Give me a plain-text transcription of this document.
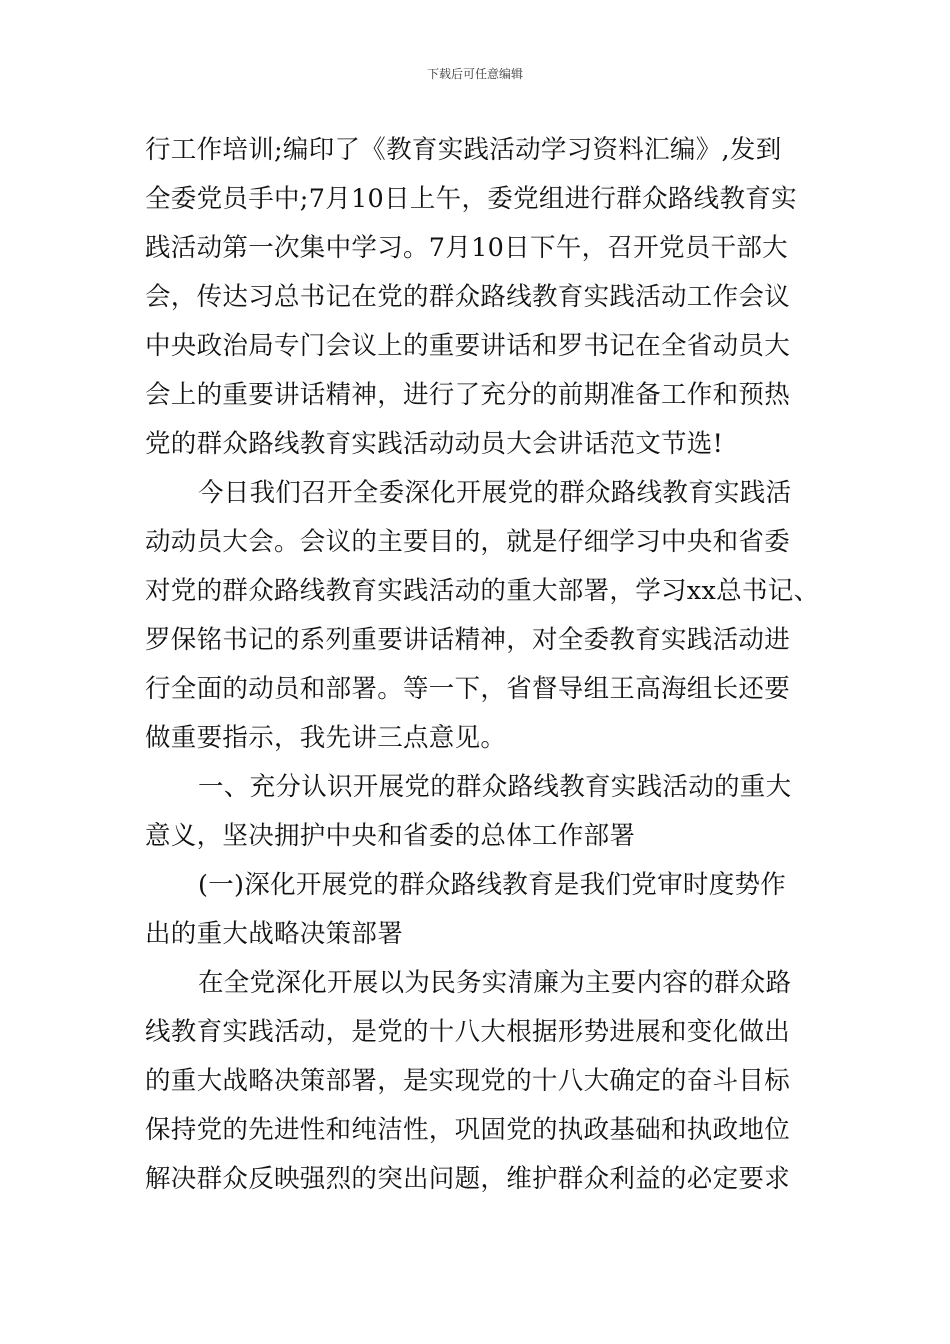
下载后可任意编辑
行工作培训;编印了《教育实践活动学习资料汇编》,发到
全委党员手中;7月10日上午，委党组进行群众路线教育实
践活动第一次集中学习。7月10日下午，召开党员干部大
会，传达习总书记在党的群众路线教育实践活动工作会议
中央政治局专门会议上的重要讲话和罗书记在全省动员大
会上的重要讲话精神，进行了充分的前期准备工作和预热
党的群众路线教育实践活动动员大会讲话范文节选!
今日我们召开全委深化开展党的群众路线教育实践活
动动员大会。会议的主要目的，就是仔细学习中央和省委
对党的群众路线教育实践活动的重大部署，学习xx总书记、
罗保铭书记的系列重要讲话精神，对全委教育实践活动进
行全面的动员和部署。等一下，省督导组王高海组长还要
做重要指示，我先讲三点意见。
一、充分认识开展党的群众路线教育实践活动的重大
意义，坚决拥护中央和省委的总体工作部署
(一)深化开展党的群众路线教育是我们党审时度势作
出的重大战略决策部署
在全党深化开展以为民务实清廉为主要内容的群众路
线教育实践活动，是党的十八大根据形势进展和变化做出
的重大战略决策部署，是实现党的十八大确定的奋斗目标
保持党的先进性和纯洁性，巩固党的执政基础和执政地位
解决群众反映强烈的突出问题，维护群众利益的必定要求
